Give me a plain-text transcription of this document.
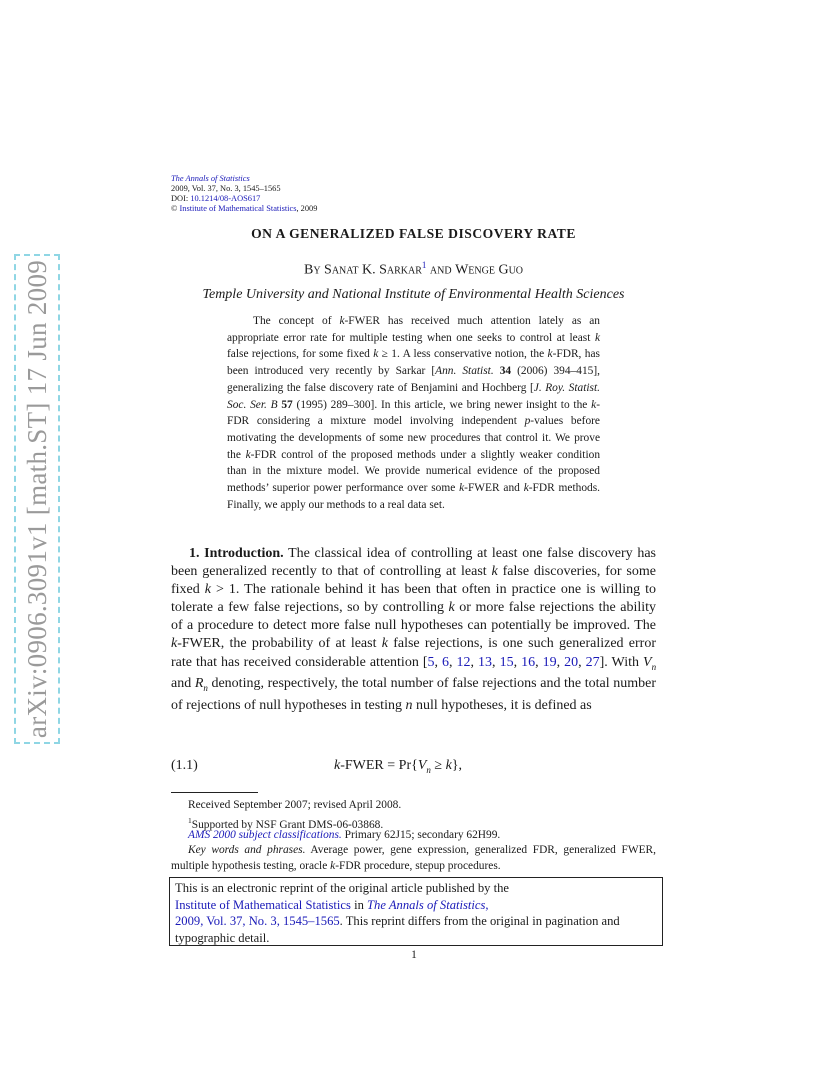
arXiv:0906.3091v1 [math.ST] 17 Jun 2009
The Annals of Statistics
2009, Vol. 37, No. 3, 1545–1565
DOI: 10.1214/08-AOS617
© Institute of Mathematical Statistics, 2009
ON A GENERALIZED FALSE DISCOVERY RATE
By Sanat K. Sarkar$^1$ and Wenge Guo
Temple University and National Institute of Environmental Health Sciences

The concept of k-FWER has received much attention lately as an appropriate error rate for multiple testing when one seeks to control at least k false rejections, for some fixed k ≥ 1. A less conservative notion, the k-FDR, has been introduced very recently by Sarkar [Ann. Statist. 34 (2006) 394–415], generalizing the false discovery rate of Benjamini and Hochberg [J. Roy. Statist. Soc. Ser. B 57 (1995) 289–300]. In this article, we bring newer insight to the k-FDR considering a mixture model involving independent p-values before motivating the developments of some new procedures that control it. We prove the k-FDR control of the proposed methods under a slightly weaker condition than in the mixture model. We provide numerical evidence of the proposed methods’ superior power performance over some k-FWER and k-FDR methods. Finally, we apply our methods to a real data set.

1. Introduction. The classical idea of controlling at least one false discovery has been generalized recently to that of controlling at least k false discoveries, for some fixed k > 1. The rationale behind it has been that often in practice one is willing to tolerate a few false rejections, so by controlling k or more false rejections the ability of a procedure to detect more false null hypotheses can potentially be improved. The k-FWER, the probability of at least k false rejections, is one such generalized error rate that has received considerable attention [5, 6, 12, 13, 15, 16, 19, 20, 27]. With $V_n$ and $R_n$ denoting, respectively, the total number of false rejections and the total number of rejections of null hypotheses in testing n null hypotheses, it is defined as

(1.1)	k-FWER = $Pr\{V_n \ge k\}$,

Received September 2007; revised April 2008.

$^1$Supported by NSF Grant DMS-06-03868.

AMS 2000 subject classifications. Primary 62J15; secondary 62H99.

Key words and phrases. Average power, gene expression, generalized FDR, generalized FWER, multiple hypothesis testing, oracle k-FDR procedure, stepup procedures.

This is an electronic reprint of the original article published by the
Institute of Mathematical Statistics in The Annals of Statistics,
2009, Vol. 37, No. 3, 1545–1565. This reprint differs from the original in pagination and typographic detail.
1
